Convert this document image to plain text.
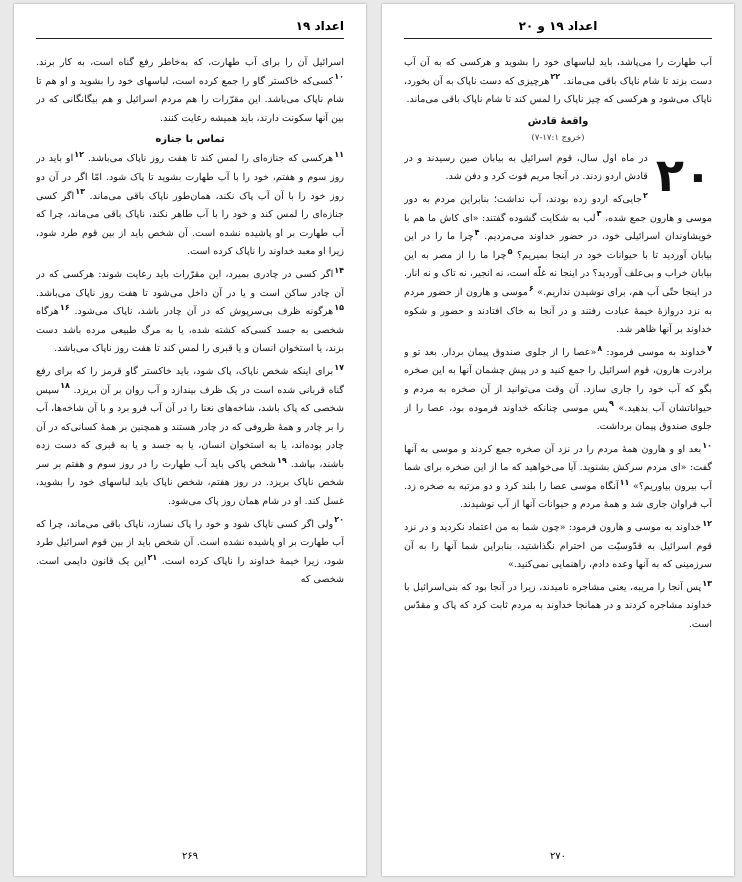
اعداد ۱۹

اسرائیل آن را برای آب طهارت، که به‌خاطر رفع گناه است، به کار برند. $^{۱۰}$کسی‌که خاکستر گاو را جمع کرده است، لباسهای خود را بشوید و او هم تا شام ناپاک می‌باشد. این مقرّرات را هم مردم اسرائیل و هم بیگانگانی که در بین آنها سکونت دارند، باید همیشه رعایت کنند.

تماس با جنازه

$^{۱۱}$هرکسی که جنازه‌ای را لمس کند تا هفت روز ناپاک می‌باشد. $^{۱۲}$او باید در روز سوم و هفتم، خود را با آب طهارت بشوید تا پاک شود. امّا اگر در آن دو روز خود را با آن آب پاک نکند، همان‌طور ناپاک باقی می‌ماند. $^{۱۳}$اگر کسی جنازه‌ای را لمس کند و خود را با آب طاهر نکند، ناپاک باقی می‌ماند، چرا که آب طهارت بر او پاشیده نشده است. آن شخص باید از بین قوم طرد شود، زیرا او معبد خداوند را ناپاک کرده است.

$^{۱۴}$اگر کسی در چادری بمیرد، این مقرّرات باید رعایت شوند: هرکسی که در آن چادر ساکن است و یا در آن داخل می‌شود تا هفت روز ناپاک می‌باشد. $^{۱۵}$هرگونه ظرف بی‌سرپوش که در آن چادر باشد، ناپاک می‌شود. $^{۱۶}$هرگاه شخصی به جسد کسی‌که کشته شده، یا به مرگ طبیعی مرده باشد دست بزند، یا استخوان انسان و یا قبری را لمس کند تا هفت روز ناپاک می‌باشد.

$^{۱۷}$برای اینکه شخص ناپاک، پاک شود، باید خاکستر گاو قرمز را که برای رفع گناه قربانی شده است در یک ظرف بیندازد و آب روان بر آن بریزد. $^{۱۸}$سپس شخصی که پاک باشد، شاخه‌های نعنا را در آن آب فرو برد و با آن شاخه‌ها، آب را بر چادر و همهٔ ظروفی که در چادر هستند و همچنین بر همهٔ کسانی‌که در آن چادر بوده‌اند، یا به استخوان انسان، یا به جسد و یا به قبری که دست زده باشند، بپاشد. $^{۱۹}$شخص پاکی باید آب طهارت را در روز سوم و هفتم بر سر شخص ناپاک بریزد. در روز هفتم، شخص ناپاک باید لباسهای خود را بشوید، غسل کند. او در شام همان روز پاک می‌شود.

$^{۲۰}$ولی اگر کسی ناپاک شود و خود را پاک نسازد، ناپاک باقی می‌ماند، چرا که آب طهارت بر او پاشیده نشده است. آن شخص باید از بین قوم اسرائیل طرد شود، زیرا خیمهٔ خداوند را ناپاک کرده است. $^{۲۱}$این یک قانون دایمی است. شخصی که

۲۶۹
اعداد ۱۹ و ۲۰

آب طهارت را می‌پاشد، باید لباسهای خود را بشوید و هرکسی که به آن آب دست بزند تا شام ناپاک باقی می‌ماند. $^{۲۲}$هرچیزی که دست ناپاک به آن بخورد، ناپاک می‌شود و هرکسی که چیز ناپاک را لمس کند تا شام ناپاک باقی می‌ماند.

واقعهٔ قادش
(خروج ۱۷:۱-۷)

۲۰
در ماه اول سال، قوم اسرائیل به بیابان صین رسیدند و در قادش اردو زدند. در آنجا مریم فوت کرد و دفن شد.

$^۲$جایی‌که اردو زده بودند، آب نداشت؛ بنابراین مردم به دور موسی و هارون جمع شده، $^۳$لب به شکایت گشوده گفتند: «ای کاش ما هم با خویشاوندان اسرائیلی خود، در حضور خداوند می‌مردیم. $^۴$چرا ما را در این بیابان آوردید تا با حیوانات خود در اینجا بمیریم؟ $^۵$چرا ما را از مصر به این بیابان خراب و بی‌علف آوردید؟ در اینجا نه غلّه است، نه انجیر، نه تاک و نه انار. در اینجا حتّی آب هم، برای نوشیدن نداریم.» $^۶$موسی و هارون از حضور مردم به نزد دروازهٔ خیمهٔ عبادت رفتند و در آنجا به خاک افتادند و حضور و شکوه خداوند بر آنها ظاهر شد.

$^۷$خداوند به موسی فرمود: $^۸$«عصا را از جلوی صندوق پیمان بردار. بعد تو و برادرت هارون، قوم اسرائیل را جمع کنید و در پیش چشمان آنها به این صخره بگو که آب خود را جاری سازد. آن وقت می‌توانید از آن صخره به مردم و حیواناتشان آب بدهید.» $^۹$پس موسی چنانکه خداوند فرموده بود، عصا را از جلوی صندوق پیمان برداشت.

$^{۱۰}$بعد او و هارون همهٔ مردم را در نزد آن صخره جمع کردند و موسی به آنها گفت: «ای مردم سرکش بشنوید. آیا می‌خواهید که ما از این صخره برای شما آب بیرون بیاوریم؟» $^{۱۱}$آنگاه موسی عصا را بلند کرد و دو مرتبه به صخره زد. آب فراوان جاری شد و همهٔ مردم و حیوانات آنها از آب نوشیدند.

$^{۱۲}$خداوند به موسی و هارون فرمود: «چون شما به من اعتماد نکردید و در نزد قوم اسرائیل به قدّوسیّت من احترام نگذاشتید، بنابراین شما آنها را به آن سرزمینی که به آنها وعده دادم، راهنمایی نمی‌کنید.»

$^{۱۳}$پس آنجا را مریبه، یعنی مشاجره نامیدند، زیرا در آنجا بود که بنی‌اسرائیل با خداوند مشاجره کردند و در همانجا خداوند به مردم ثابت کرد که پاک و مقدّس است.

۲۷۰
